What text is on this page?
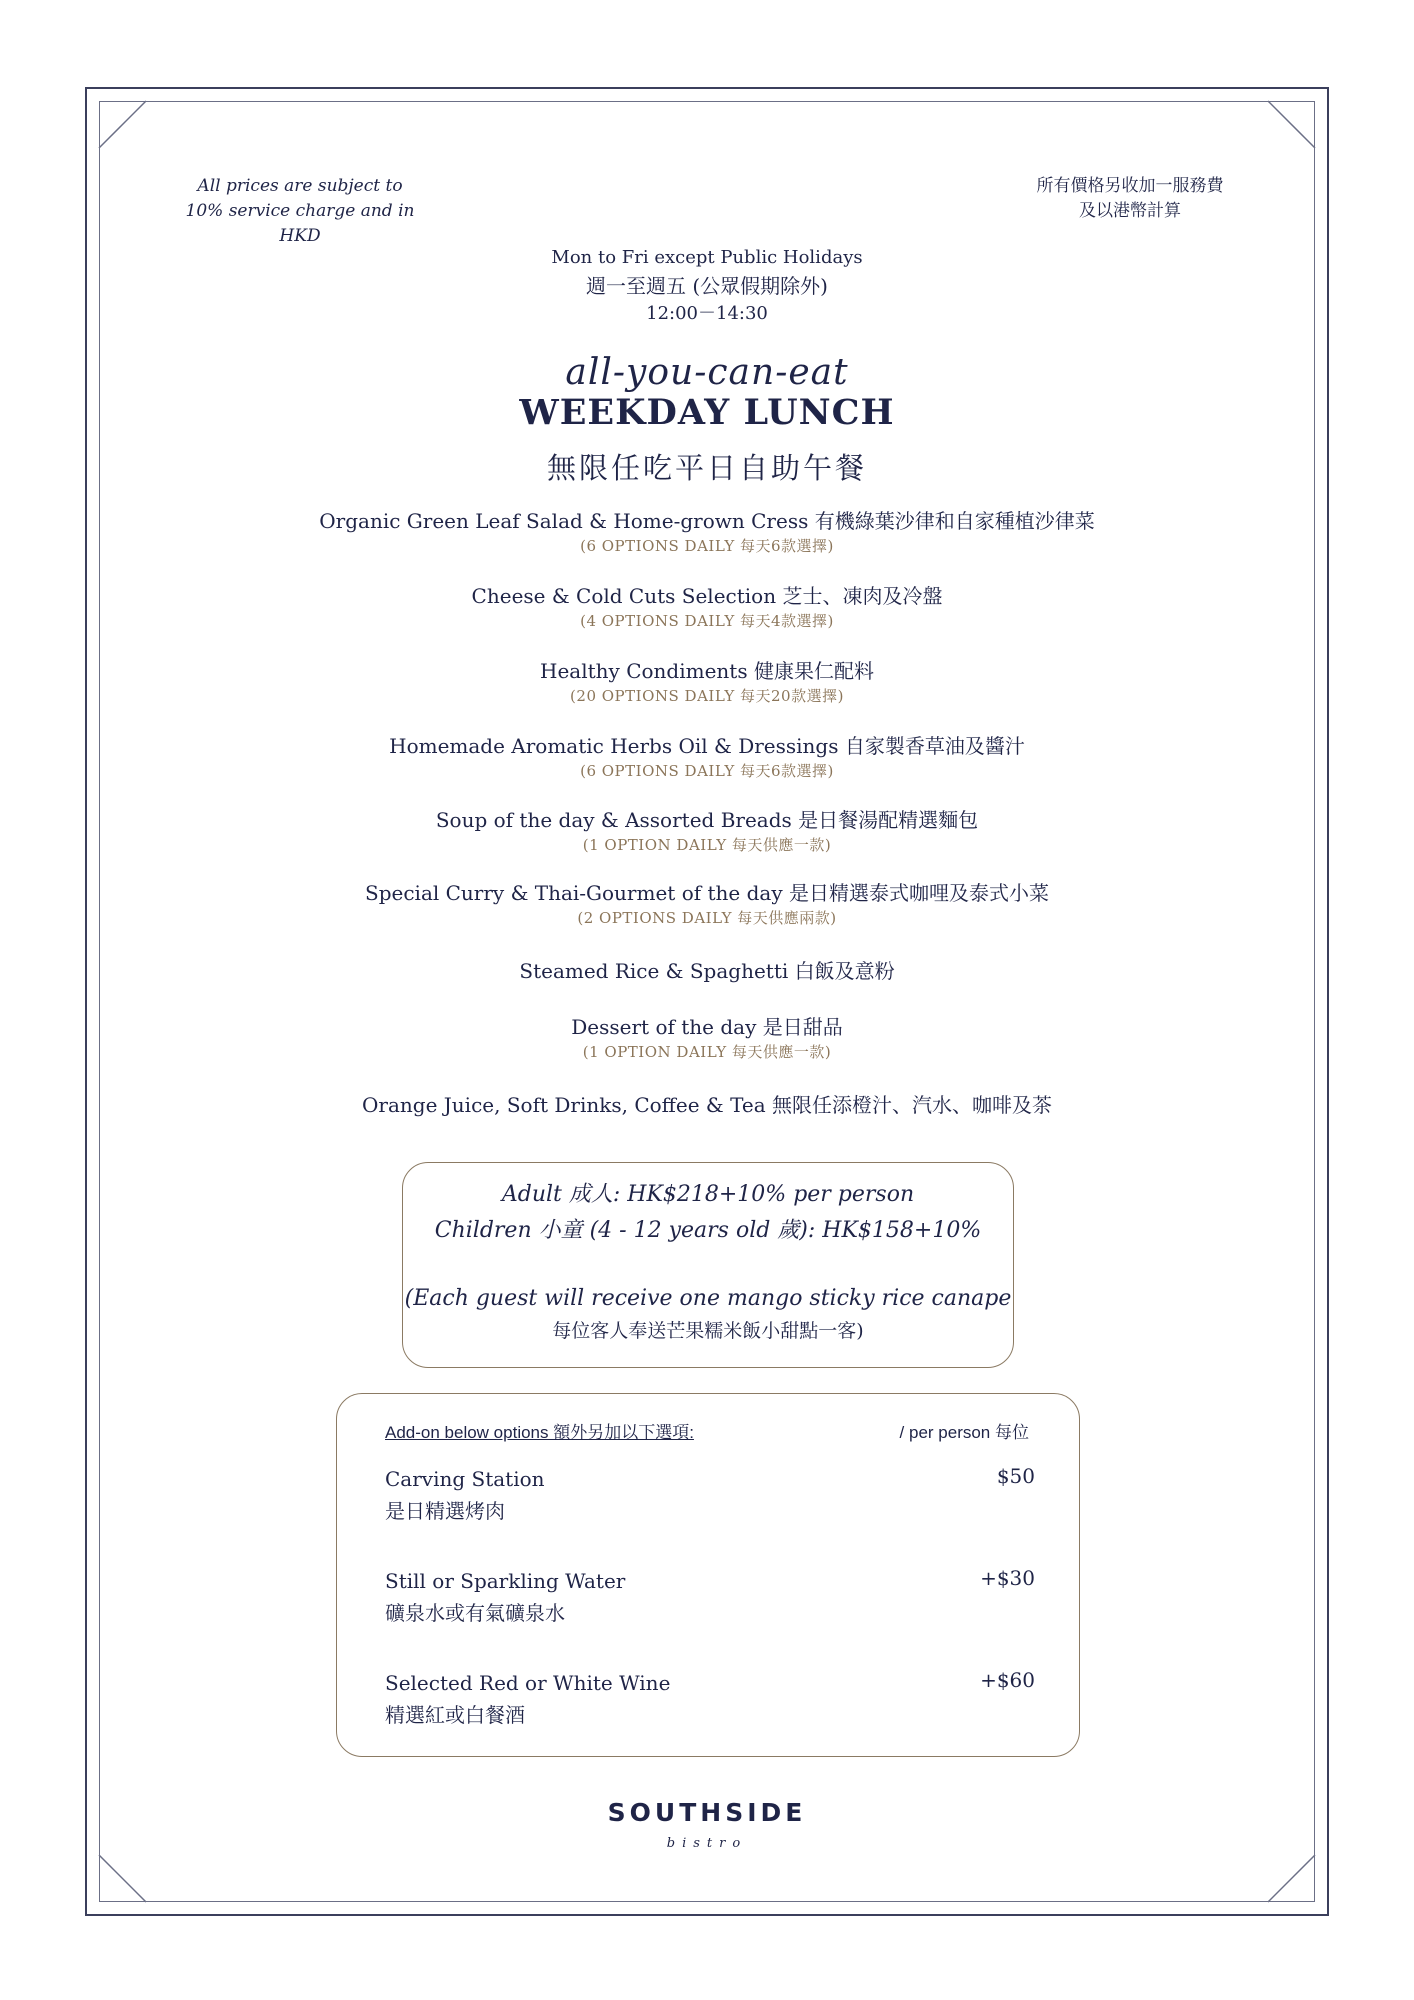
All prices are subject to
10% service charge and in HKD
所有價格另收加一服務費
及以港幣計算
Mon to Fri except Public Holidays
週一至週五 (公眾假期除外)
12:00－14:30
all-you-can-eat
WEEKDAY LUNCH
無限任吃平日自助午餐
Organic Green Leaf Salad & Home-grown Cress 有機綠葉沙律和自家種植沙律菜
(6 OPTIONS DAILY 每天6款選擇)
Cheese & Cold Cuts Selection 芝士、凍肉及冷盤
(4 OPTIONS DAILY 每天4款選擇)
Healthy Condiments 健康果仁配料
(20 OPTIONS DAILY 每天20款選擇)
Homemade Aromatic Herbs Oil & Dressings 自家製香草油及醬汁
(6 OPTIONS DAILY 每天6款選擇)
Soup of the day & Assorted Breads 是日餐湯配精選麵包
(1 OPTION DAILY 每天供應一款)
Special Curry & Thai-Gourmet of the day 是日精選泰式咖哩及泰式小菜
(2 OPTIONS DAILY 每天供應兩款)
Steamed Rice & Spaghetti 白飯及意粉
Dessert of the day 是日甜品
(1 OPTION DAILY 每天供應一款)
Orange Juice, Soft Drinks, Coffee & Tea 無限任添橙汁、汽水、咖啡及茶
Adult 成人: HK$218+10% per person
Children 小童 (4 - 12 years old 歲): HK$158+10%
(Each guest will receive one mango sticky rice canape
每位客人奉送芒果糯米飯小甜點一客)
Add-on below options 額外另加以下選項:	/ per person 每位
Carving Station
是日精選烤肉
$50
Still or Sparkling Water
礦泉水或有氣礦泉水
+$30
Selected Red or White Wine
精選紅或白餐酒
+$60
SOUTHSIDE
bistro
